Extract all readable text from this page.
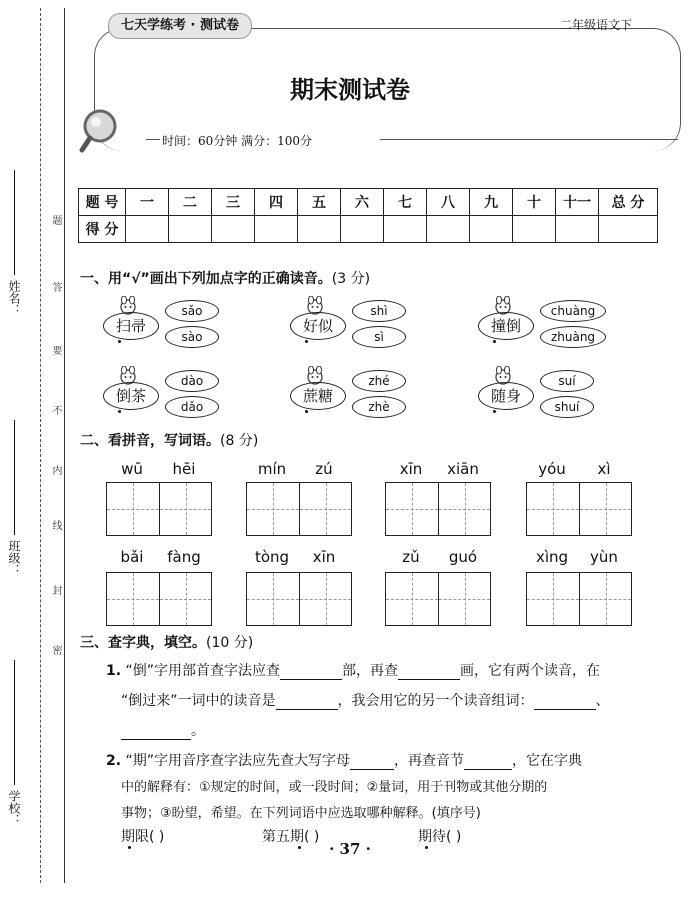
姓名：
班级：
学校：
题
答
要
不
内
线
封
密
七天学练考 · 测试卷	二年级语文下
期末测试卷
时间：60分钟 满分：100分
题 号	一	二	三	四	五	六	七	八	九	十	十一	总 分
得 分												
一、用“√”画出下列加点字的正确读音。(3 分)
扫帚
sǎo
sào
好似
shì
sì
撞倒
chuàng
zhuàng
倒茶
dào
dǎo
蔗糖
zhé
zhè
随身
suí
shuí
二、看拼音，写词语。(8 分)
wū	hēi	mín	zú	xīn	xiān	yóu	xì
bǎi	fàng	tòng	xīn	zǔ	guó	xìng	yùn
三、查字典，填空。(10 分)
1. “倒”字用部首查字法应查	部，再查	画，它有两个读音，在
“倒过来”一词中的读音是	，我会用它的另一个读音组词：	、
。
2. “期”字用音序查字法应先查大写字母	，再查音节	，它在字典
中的解释有：①规定的时间，或一段时间；②量词，用于刊物或其他分期的
事物；③盼望，希望。在下列词语中应选取哪种解释。(填序号)
期限( )	第五期( )	期待( )
· 37 ·
